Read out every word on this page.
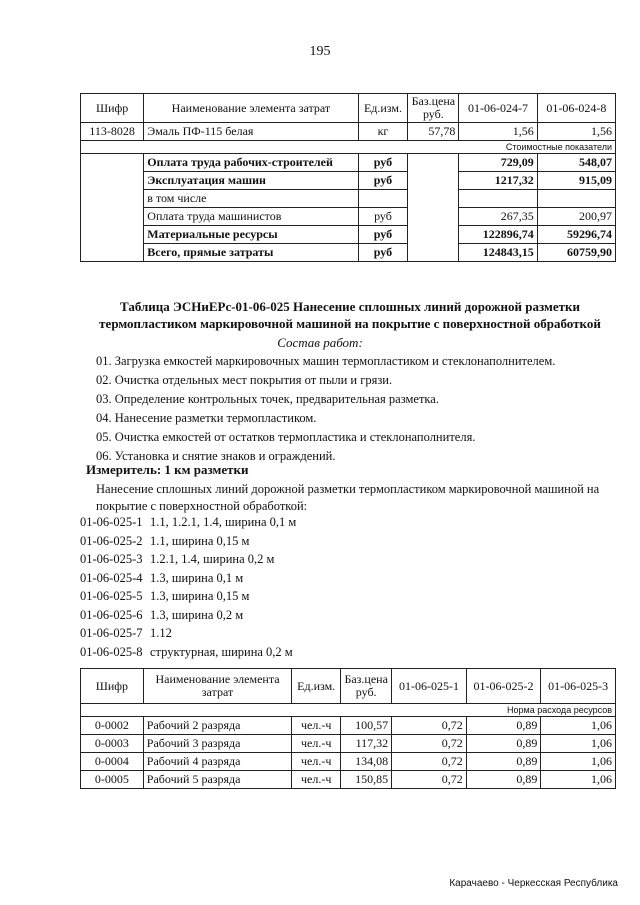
195
Шифр	Наименование элемента затрат	Ед.изм.	Баз.цена руб.	01-06-024-7	01-06-024-8
113-8028	Эмаль ПФ-115 белая	кг	57,78	1,56	1,56
Стоимостные показатели					
	Оплата труда рабочих-строителей	руб		729,09	548,07
	Эксплуатация машин	руб		1217,32	915,09
	в том числе				
	Оплата труда машинистов	руб		267,35	200,97
	Материальные ресурсы	руб		122896,74	59296,74
	Всего, прямые затраты	руб		124843,15	60759,90
Таблица ЭСНиЕРс-01-06-025 Нанесение сплошных линий дорожной разметки
термопластиком маркировочной машиной на покрытие с поверхностной обработкой
Состав работ:
01. Загрузка емкостей маркировочных машин термопластиком и стеклонаполнителем.
02. Очистка отдельных мест покрытия от пыли и грязи.
03. Определение контрольных точек, предварительная разметка.
04. Нанесение разметки термопластиком.
05. Очистка емкостей от остатков термопластика и стеклонаполнителя.
06. Установка и снятие знаков и ограждений.
Измеритель: 1 км разметки
Нанесение сплошных линий дорожной разметки термопластиком маркировочной машиной на покрытие с поверхностной обработкой:
01-06-025-1 1.1, 1.2.1, 1.4, ширина 0,1 м
01-06-025-2 1.1, ширина 0,15 м
01-06-025-3 1.2.1, 1.4, ширина 0,2 м
01-06-025-4 1.3, ширина 0,1 м
01-06-025-5 1.3, ширина 0,15 м
01-06-025-6 1.3, ширина 0,2 м
01-06-025-7 1.12
01-06-025-8 структурная, ширина 0,2 м
Шифр	Наименование элемента затрат	Ед.изм.	Баз.цена руб.	01-06-025-1	01-06-025-2	01-06-025-3
Норма расхода ресурсов						
0-0002	Рабочий 2 разряда	чел.-ч	100,57	0,72	0,89	1,06
0-0003	Рабочий 3 разряда	чел.-ч	117,32	0,72	0,89	1,06
0-0004	Рабочий 4 разряда	чел.-ч	134,08	0,72	0,89	1,06
0-0005	Рабочий 5 разряда	чел.-ч	150,85	0,72	0,89	1,06
Карачаево - Черкесская Республика
